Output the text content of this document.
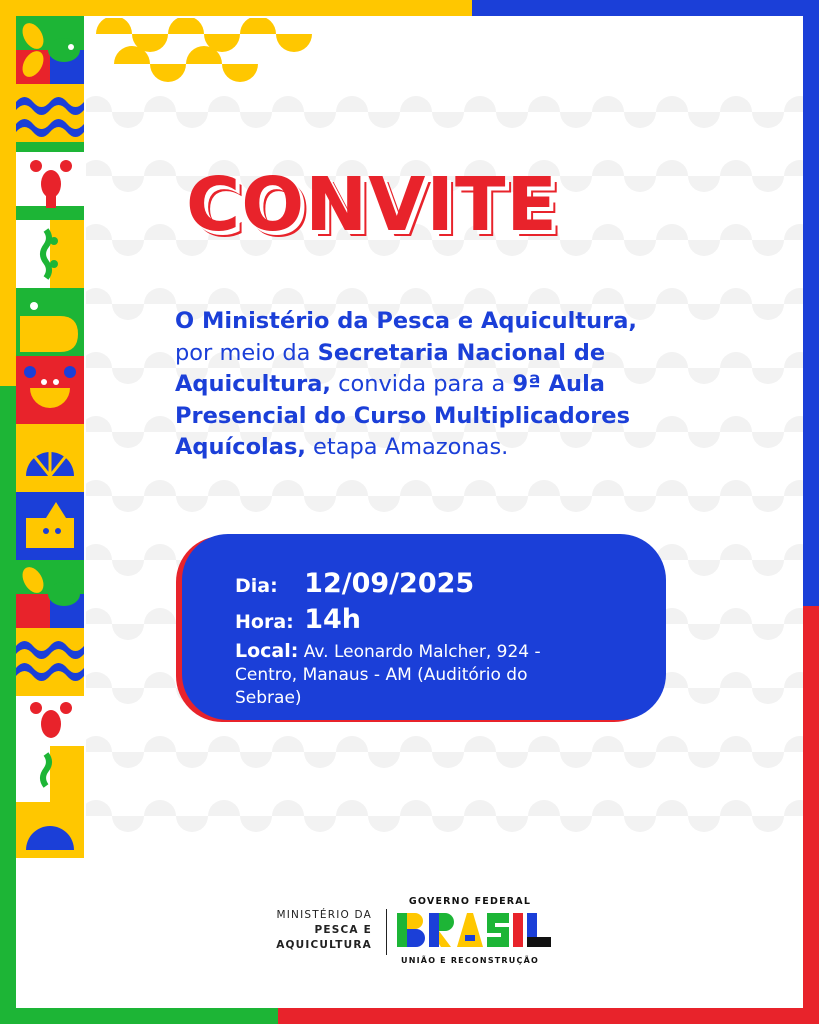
CONVITE

O Ministério da Pesca e Aquicultura,
por meio da Secretaria Nacional de Aquicultura, convida para a 9ª Aula Presencial do Curso Multiplicadores Aquícolas, etapa Amazonas.

Dia: 12/09/2025
Hora: 14h
Local: Av. Leonardo Malcher, 924 - Centro, Manaus - AM (Auditório do Sebrae)
MINISTÉRIO DA
PESCA E
AQUICULTURA
GOVERNO FEDERAL
UNIÃO E RECONSTRUÇÃO
